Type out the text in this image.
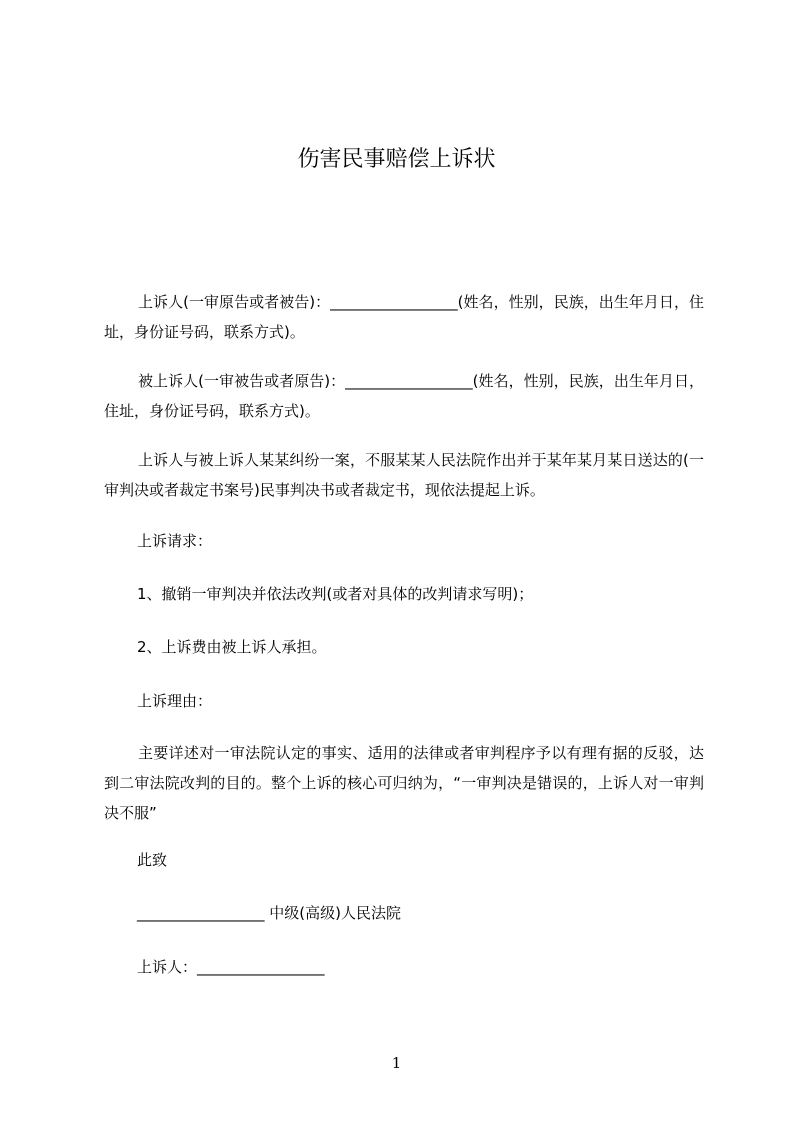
伤害民事赔偿上诉状
上诉人(一审原告或者被告)：_________________(姓名，性别，民族，出生年月日，住址，身份证号码，联系方式)。
被上诉人(一审被告或者原告)：_________________(姓名，性别，民族，出生年月日，住址，身份证号码，联系方式)。
上诉人与被上诉人某某纠纷一案，不服某某人民法院作出并于某年某月某日送达的(一审判决或者裁定书案号)民事判决书或者裁定书，现依法提起上诉。
上诉请求：
1、撤销一审判决并依法改判(或者对具体的改判请求写明)；
2、上诉费由被上诉人承担。
上诉理由：
主要详述对一审法院认定的事实、适用的法律或者审判程序予以有理有据的反驳，达到二审法院改判的目的。整个上诉的核心可归纳为，“一审判决是错误的，上诉人对一审判决不服”
此致
_________________ 中级(高级)人民法院
上诉人：_________________
1
